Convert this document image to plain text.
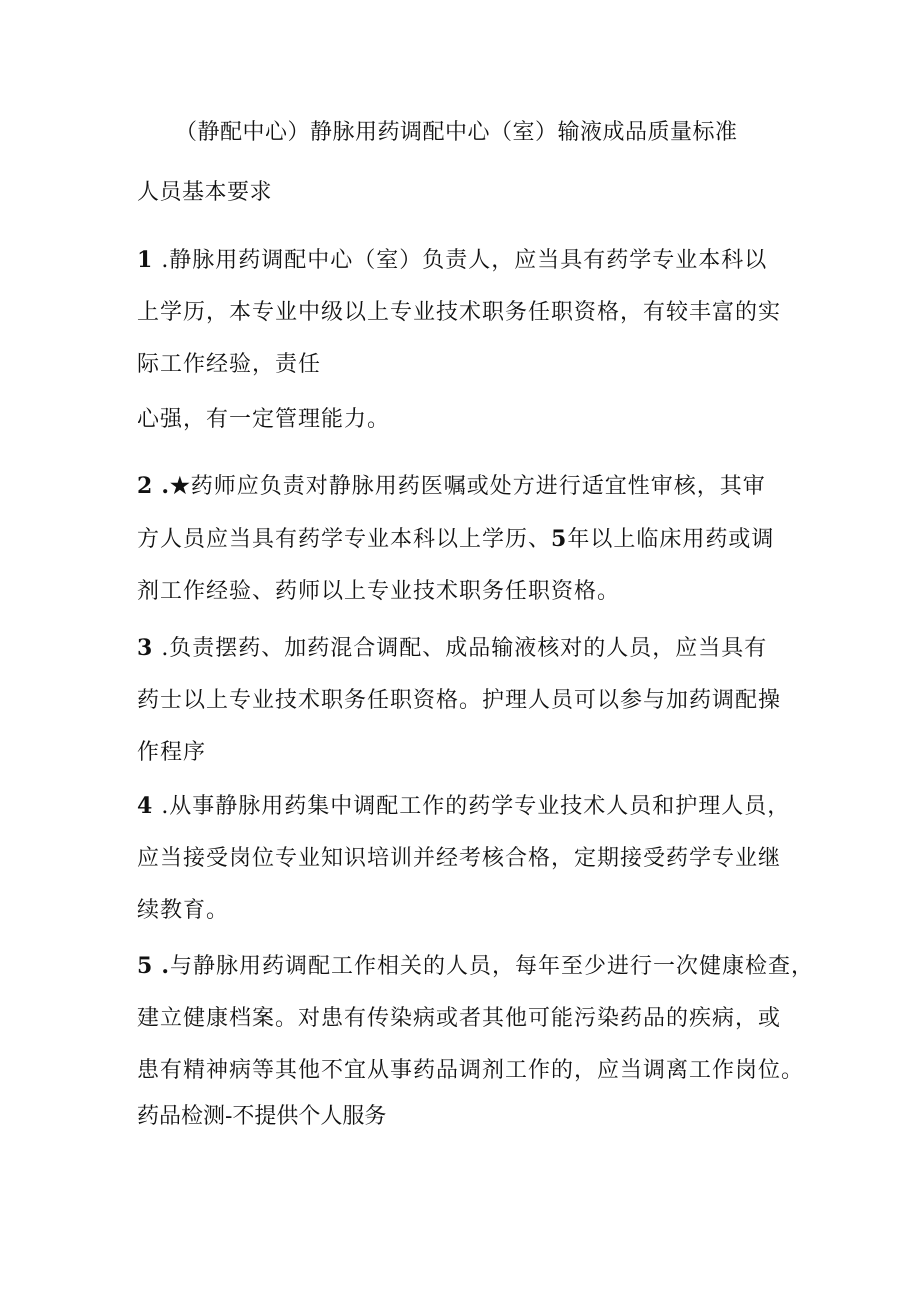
（静配中心）静脉用药调配中心（室）输液成品质量标准
人员基本要求
1 .静脉用药调配中心（室）负责人，应当具有药学专业本科以
上学历，本专业中级以上专业技术职务任职资格，有较丰富的实
际工作经验，责任
心强，有一定管理能力。
2 .★药师应负责对静脉用药医嘱或处方进行适宜性审核，其审
方人员应当具有药学专业本科以上学历、5年以上临床用药或调
剂工作经验、药师以上专业技术职务任职资格。
3 .负责摆药、加药混合调配、成品输液核对的人员，应当具有
药士以上专业技术职务任职资格。护理人员可以参与加药调配操
作程序
4 .从事静脉用药集中调配工作的药学专业技术人员和护理人员，
应当接受岗位专业知识培训并经考核合格，定期接受药学专业继
续教育。
5 .与静脉用药调配工作相关的人员，每年至少进行一次健康检查，
建立健康档案。对患有传染病或者其他可能污染药品的疾病，或
患有精神病等其他不宜从事药品调剂工作的，应当调离工作岗位。
药品检测-不提供个人服务
